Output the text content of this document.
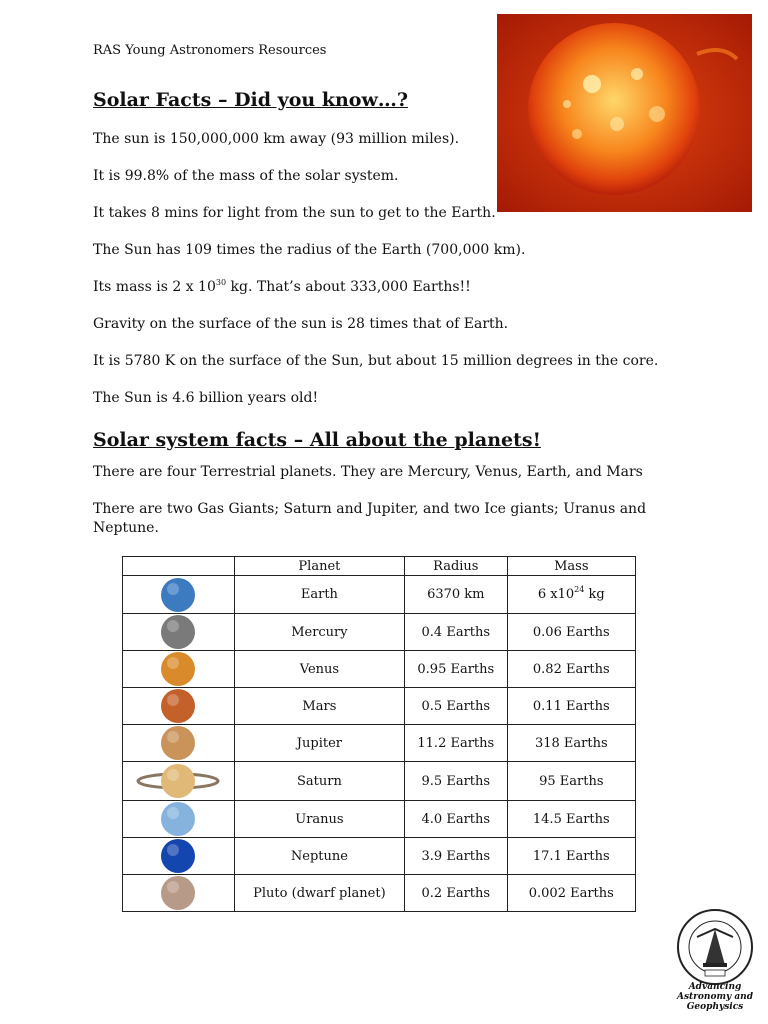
RAS Young Astronomers Resources
Solar Facts – Did you know…?

The sun is 150,000,000 km away (93 million miles).

It is 99.8% of the mass of the solar system.

It takes 8 mins for light from the sun to get to the Earth.

The Sun has 109 times the radius of the Earth (700,000 km).

Its mass is 2 x $10^{30}$ kg. That’s about 333,000 Earths!!

Gravity on the surface of the sun is 28 times that of Earth.

It is 5780 K on the surface of the Sun, but about 15 million degrees in the core.

The Sun is 4.6 billion years old!

Solar system facts – All about the planets!

There are four Terrestrial planets. They are Mercury, Venus, Earth, and Mars

There are two Gas Giants; Saturn and Jupiter, and two Ice giants; Uranus and Neptune.

	Planet	Radius	Mass

	Earth	6370 km	6 $x10^{24}$ kg

	Mercury	0.4 Earths	0.06 Earths

	Venus	0.95 Earths	0.82 Earths

	Mars	0.5 Earths	0.11 Earths

	Jupiter	11.2 Earths	318 Earths

	Saturn	9.5 Earths	95 Earths

	Uranus	4.0 Earths	14.5 Earths

	Neptune	3.9 Earths	17.1 Earths

	Pluto (dwarf planet)	0.2 Earths	0.002 Earths
Advancing Astronomy and Geophysics
